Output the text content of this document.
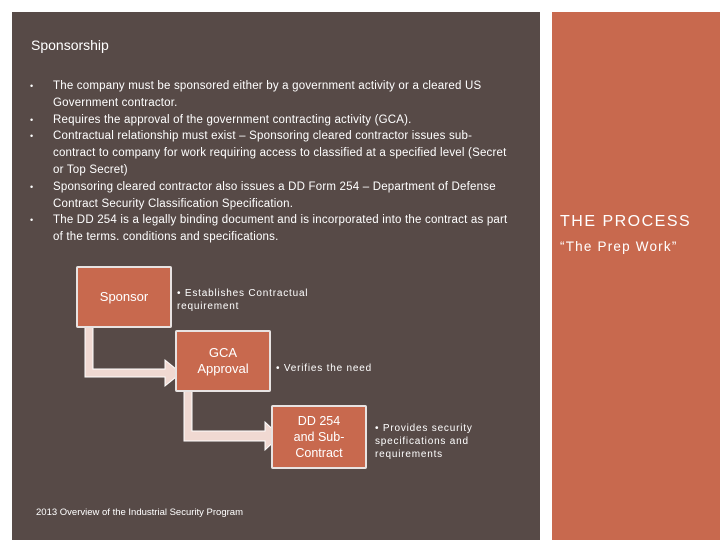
Sponsorship
• The company must be sponsored either by a government activity or a cleared US Government contractor.
• Requires the approval of the government contracting activity (GCA).
• Contractual relationship must exist – Sponsoring cleared contractor issues sub-contract to company for work requiring access to classified at a specified level (Secret or Top Secret)
• Sponsoring cleared contractor also issues a DD Form 254 – Department of Defense Contract Security Classification Specification.
• The DD 254 is a legally binding document and is incorporated into the contract as part of the terms. conditions and specifications.
Sponsor	• Establishes Contractual requirement
GCA Approval	• Verifies the need
DD 254 and Sub-Contract
• Provides security specifications and requirements
2013 Overview of the Industrial Security Program
THE PROCESS
“The Prep Work”
